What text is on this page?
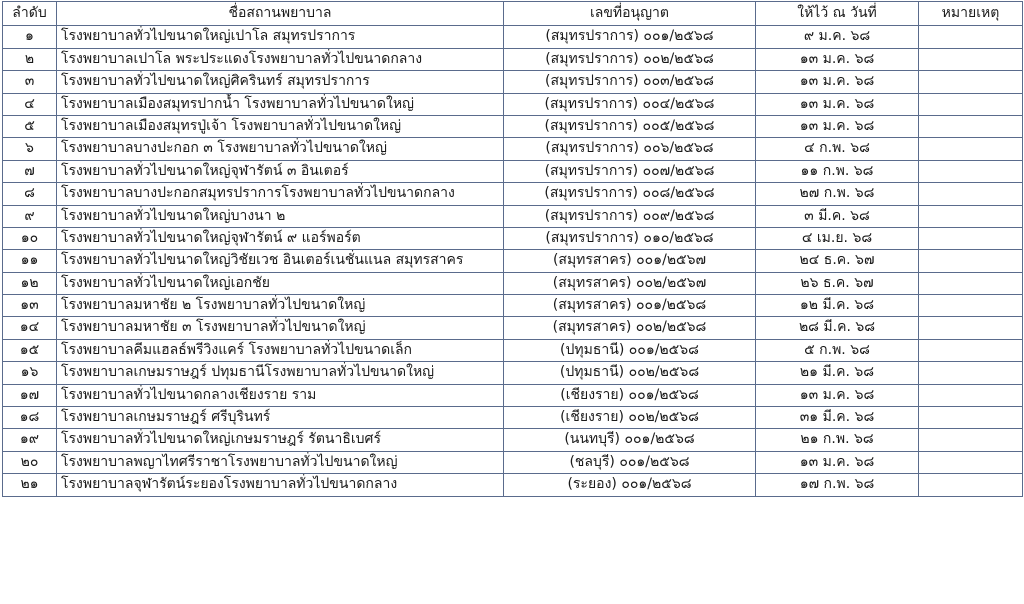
ลำดับ	ชื่อสถานพยาบาล	เลขที่อนุญาต	ให้ไว้ ณ วันที่	หมายเหตุ
๑	โรงพยาบาลทั่วไปขนาดใหญ่เปาโล สมุทรปราการ	(สมุทรปราการ) ๐๐๑/๒๕๖๘	๙ ม.ค. ๖๘	
๒	โรงพยาบาลเปาโล พระประแดงโรงพยาบาลทั่วไปขนาดกลาง	(สมุทรปราการ) ๐๐๒/๒๕๖๘	๑๓ ม.ค. ๖๘	
๓	โรงพยาบาลทั่วไปขนาดใหญ่ศิครินทร์ สมุทรปราการ	(สมุทรปราการ) ๐๐๓/๒๕๖๘	๑๓ ม.ค. ๖๘	
๔	โรงพยาบาลเมืองสมุทรปากน้ำ โรงพยาบาลทั่วไปขนาดใหญ่	(สมุทรปราการ) ๐๐๔/๒๕๖๘	๑๓ ม.ค. ๖๘	
๕	โรงพยาบาลเมืองสมุทรปู่เจ้า โรงพยาบาลทั่วไปขนาดใหญ่	(สมุทรปราการ) ๐๐๕/๒๕๖๘	๑๓ ม.ค. ๖๘	
๖	โรงพยาบาลบางปะกอก ๓ โรงพยาบาลทั่วไปขนาดใหญ่	(สมุทรปราการ) ๐๐๖/๒๕๖๘	๔ ก.พ. ๖๘	
๗	โรงพยาบาลทั่วไปขนาดใหญ่จุฬารัตน์ ๓ อินเตอร์	(สมุทรปราการ) ๐๐๗/๒๕๖๘	๑๑ ก.พ. ๖๘	
๘	โรงพยาบาลบางปะกอกสมุทรปราการโรงพยาบาลทั่วไปขนาดกลาง	(สมุทรปราการ) ๐๐๘/๒๕๖๘	๒๗ ก.พ. ๖๘	
๙	โรงพยาบาลทั่วไปขนาดใหญ่บางนา ๒	(สมุทรปราการ) ๐๐๙/๒๕๖๘	๓ มี.ค. ๖๘	
๑๐	โรงพยาบาลทั่วไปขนาดใหญ่จุฬารัตน์ ๙ แอร์พอร์ต	(สมุทรปราการ) ๐๑๐/๒๕๖๘	๔ เม.ย. ๖๘	
๑๑	โรงพยาบาลทั่วไปขนาดใหญ่วิชัยเวช อินเตอร์เนชั่นแนล สมุทรสาคร	(สมุทรสาคร) ๐๐๑/๒๕๖๗	๒๔ ธ.ค. ๖๗	
๑๒	โรงพยาบาลทั่วไปขนาดใหญ่เอกชัย	(สมุทรสาคร) ๐๐๒/๒๕๖๗	๒๖ ธ.ค. ๖๗	
๑๓	โรงพยาบาลมหาชัย ๒ โรงพยาบาลทั่วไปขนาดใหญ่	(สมุทรสาคร) ๐๐๑/๒๕๖๘	๑๒ มี.ค. ๖๘	
๑๔	โรงพยาบาลมหาชัย ๓ โรงพยาบาลทั่วไปขนาดใหญ่	(สมุทรสาคร) ๐๐๒/๒๕๖๘	๒๘ มี.ค. ๖๘	
๑๕	โรงพยาบาลคีมแฮลธ์พรีวิงแคร์ โรงพยาบาลทั่วไปขนาดเล็ก	(ปทุมธานี) ๐๐๑/๒๕๖๘	๕ ก.พ. ๖๘	
๑๖	โรงพยาบาลเกษมราษฎร์ ปทุมธานีโรงพยาบาลทั่วไปขนาดใหญ่	(ปทุมธานี) ๐๐๒/๒๕๖๘	๒๑ มี.ค. ๖๘	
๑๗	โรงพยาบาลทั่วไปขนาดกลางเชียงราย ราม	(เชียงราย) ๐๐๑/๒๕๖๘	๑๓ ม.ค. ๖๘	
๑๘	โรงพยาบาลเกษมราษฎร์ ศรีบุรินทร์	(เชียงราย) ๐๐๒/๒๕๖๘	๓๑ มี.ค. ๖๘	
๑๙	โรงพยาบาลทั่วไปขนาดใหญ่เกษมราษฎร์ รัตนาธิเบศร์	(นนทบุรี) ๐๐๑/๒๕๖๘	๒๑ ก.พ. ๖๘	
๒๐	โรงพยาบาลพญาไทศรีราชาโรงพยาบาลทั่วไปขนาดใหญ่	(ชลบุรี) ๐๐๑/๒๕๖๘	๑๓ ม.ค. ๖๘	
๒๑	โรงพยาบาลจุฬารัตน์ระยองโรงพยาบาลทั่วไปขนาดกลาง	(ระยอง) ๐๐๑/๒๕๖๘	๑๗ ก.พ. ๖๘	
